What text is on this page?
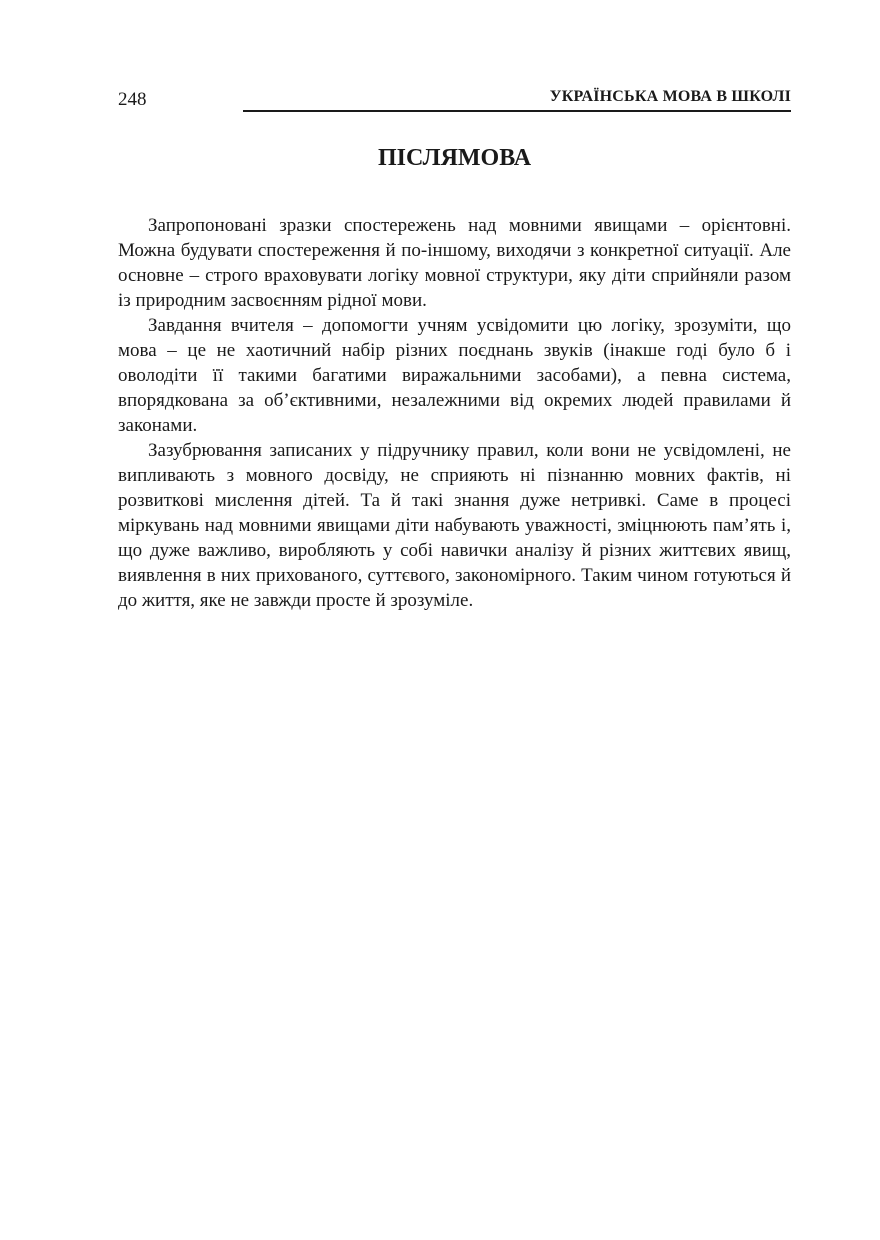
248	УКРАЇНСЬКА МОВА В ШКОЛІ
ПІСЛЯМОВА

Запропоновані зразки спостережень над мовними явищами – орієнтовні. Можна будувати спостереження й по-іншому, виходячи з конкретної ситуації. Але основне – строго враховувати логіку мовної структури, яку діти сприйняли разом із природним засвоєнням рідної мови.

Завдання вчителя – допомогти учням усвідомити цю логіку, зрозуміти, що мова – це не хаотичний набір різних поєднань звуків (інакше годі було б і оволодіти її такими багатими виражальними засобами), а певна система, впорядкована за об’єктивними, незалежними від окремих людей правилами й законами.

Зазубрювання записаних у підручнику правил, коли вони не усвідомлені, не випливають з мовного досвіду, не сприяють ні пізнанню мовних фактів, ні розвиткові мислення дітей. Та й такі знання дуже нетривкі. Саме в процесі міркувань над мовними явищами діти набувають уважності, зміцнюють пам’ять і, що дуже важливо, виробляють у собі навички аналізу й різних життєвих явищ, виявлення в них прихованого, суттєвого, закономірного. Таким чином готуються й до життя, яке не завжди просте й зрозуміле.
